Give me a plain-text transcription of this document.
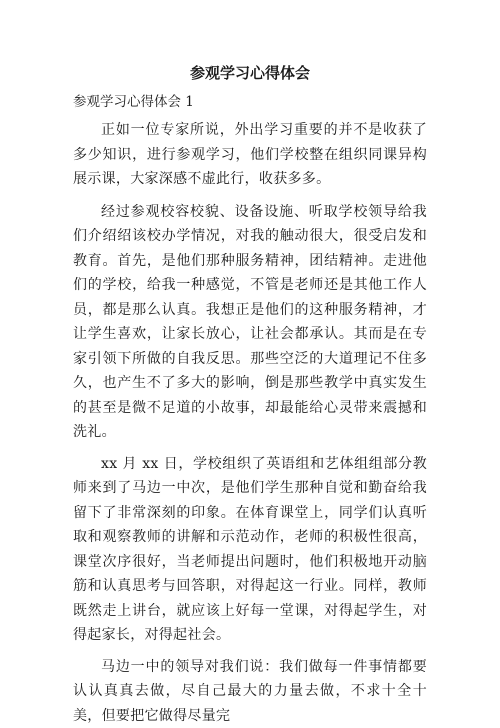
参观学习心得体会

参观学习心得体会 1

正如一位专家所说，外出学习重要的并不是收获了多少知识，进行参观学习，他们学校整在组织同课异构展示课，大家深感不虚此行，收获多多。

经过参观校容校貌、设备设施、听取学校领导给我们介绍绍该校办学情况，对我的触动很大，很受启发和教育。首先，是他们那种服务精神，团结精神。走进他们的学校，给我一种感觉，不管是老师还是其他工作人员，都是那么认真。我想正是他们的这种服务精神，才让学生喜欢，让家长放心，让社会都承认。其而是在专家引领下所做的自我反思。那些空泛的大道理记不住多久，也产生不了多大的影响，倒是那些教学中真实发生的甚至是微不足道的小故事，却最能给心灵带来震撼和洗礼。

xx 月 xx 日，学校组织了英语组和艺体组组部分教师来到了马边一中次，是他们学生那种自觉和勤奋给我留下了非常深刻的印象。在体育课堂上，同学们认真听取和观察教师的讲解和示范动作，老师的积极性很高，课堂次序很好，当老师提出问题时，他们积极地开动脑筋和认真思考与回答职，对得起这一行业。同样，教师既然走上讲台，就应该上好每一堂课，对得起学生，对得起家长，对得起社会。

马边一中的领导对我们说：我们做每一件事情都要认认真真去做，尽自己最大的力量去做，不求十全十美，但要把它做得尽量完
